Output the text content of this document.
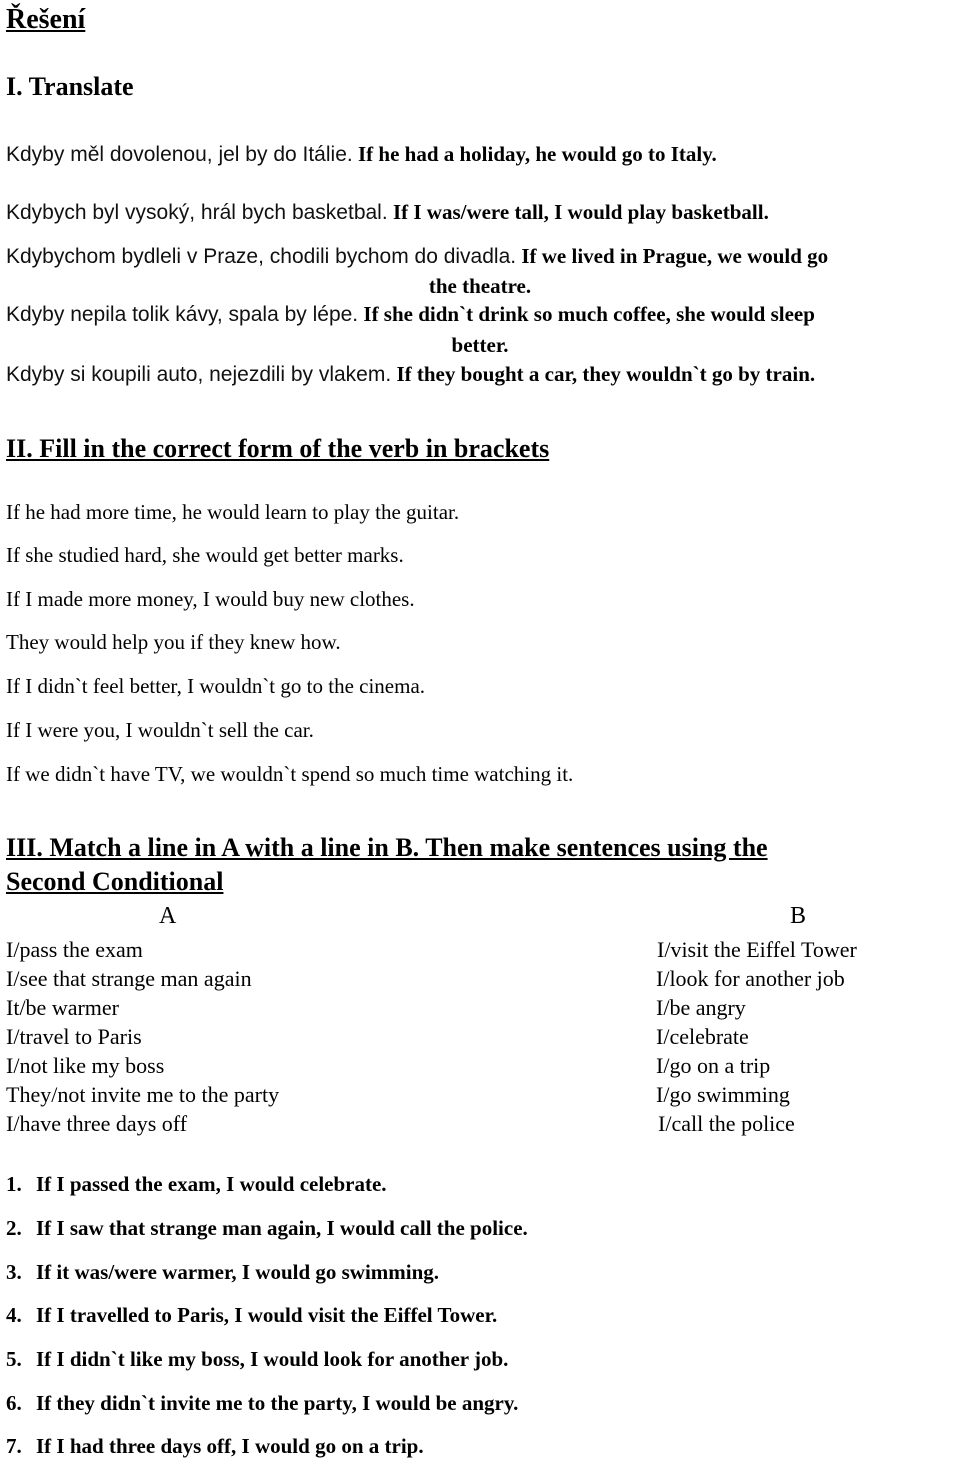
Řešení
I. Translate
Kdyby měl dovolenou, jel by do Itálie. If he had a holiday, he would go to Italy.
Kdybych byl vysoký, hrál bych basketbal. If I was/were tall, I would play basketball.
Kdybychom bydleli v Praze, chodili bychom do divadla. If we lived in Prague, we would go
the theatre.
Kdyby nepila tolik kávy, spala by lépe. If she didn`t drink so much coffee, she would sleep
better.
Kdyby si koupili auto, nejezdili by vlakem. If they bought a car, they wouldn`t go by train.
II. Fill in the correct form of the verb in brackets
If he had more time, he would learn to play the guitar.
If she studied hard, she would get better marks.
If I made more money, I would buy new clothes.
They would help you if they knew how.
If I didn`t feel better, I wouldn`t go to the cinema.
If I were you, I wouldn`t sell the car.
If we didn`t have TV, we wouldn`t spend so much time watching it.
III. Match a line in A with a line in B. Then make sentences using the
Second Conditional
A	B
I/pass the exam
I/see that strange man again
It/be warmer
I/travel to Paris
I/not like my boss
They/not invite me to the party
I/have three days off
I/visit the Eiffel Tower
I/look for another job
I/be angry
I/celebrate
I/go on a trip
I/go swimming
I/call the police
1. If I passed the exam, I would celebrate.
2. If I saw that strange man again, I would call the police.
3. If it was/were warmer, I would go swimming.
4. If I travelled to Paris, I would visit the Eiffel Tower.
5. If I didn`t like my boss, I would look for another job.
6. If they didn`t invite me to the party, I would be angry.
7. If I had three days off, I would go on a trip.
